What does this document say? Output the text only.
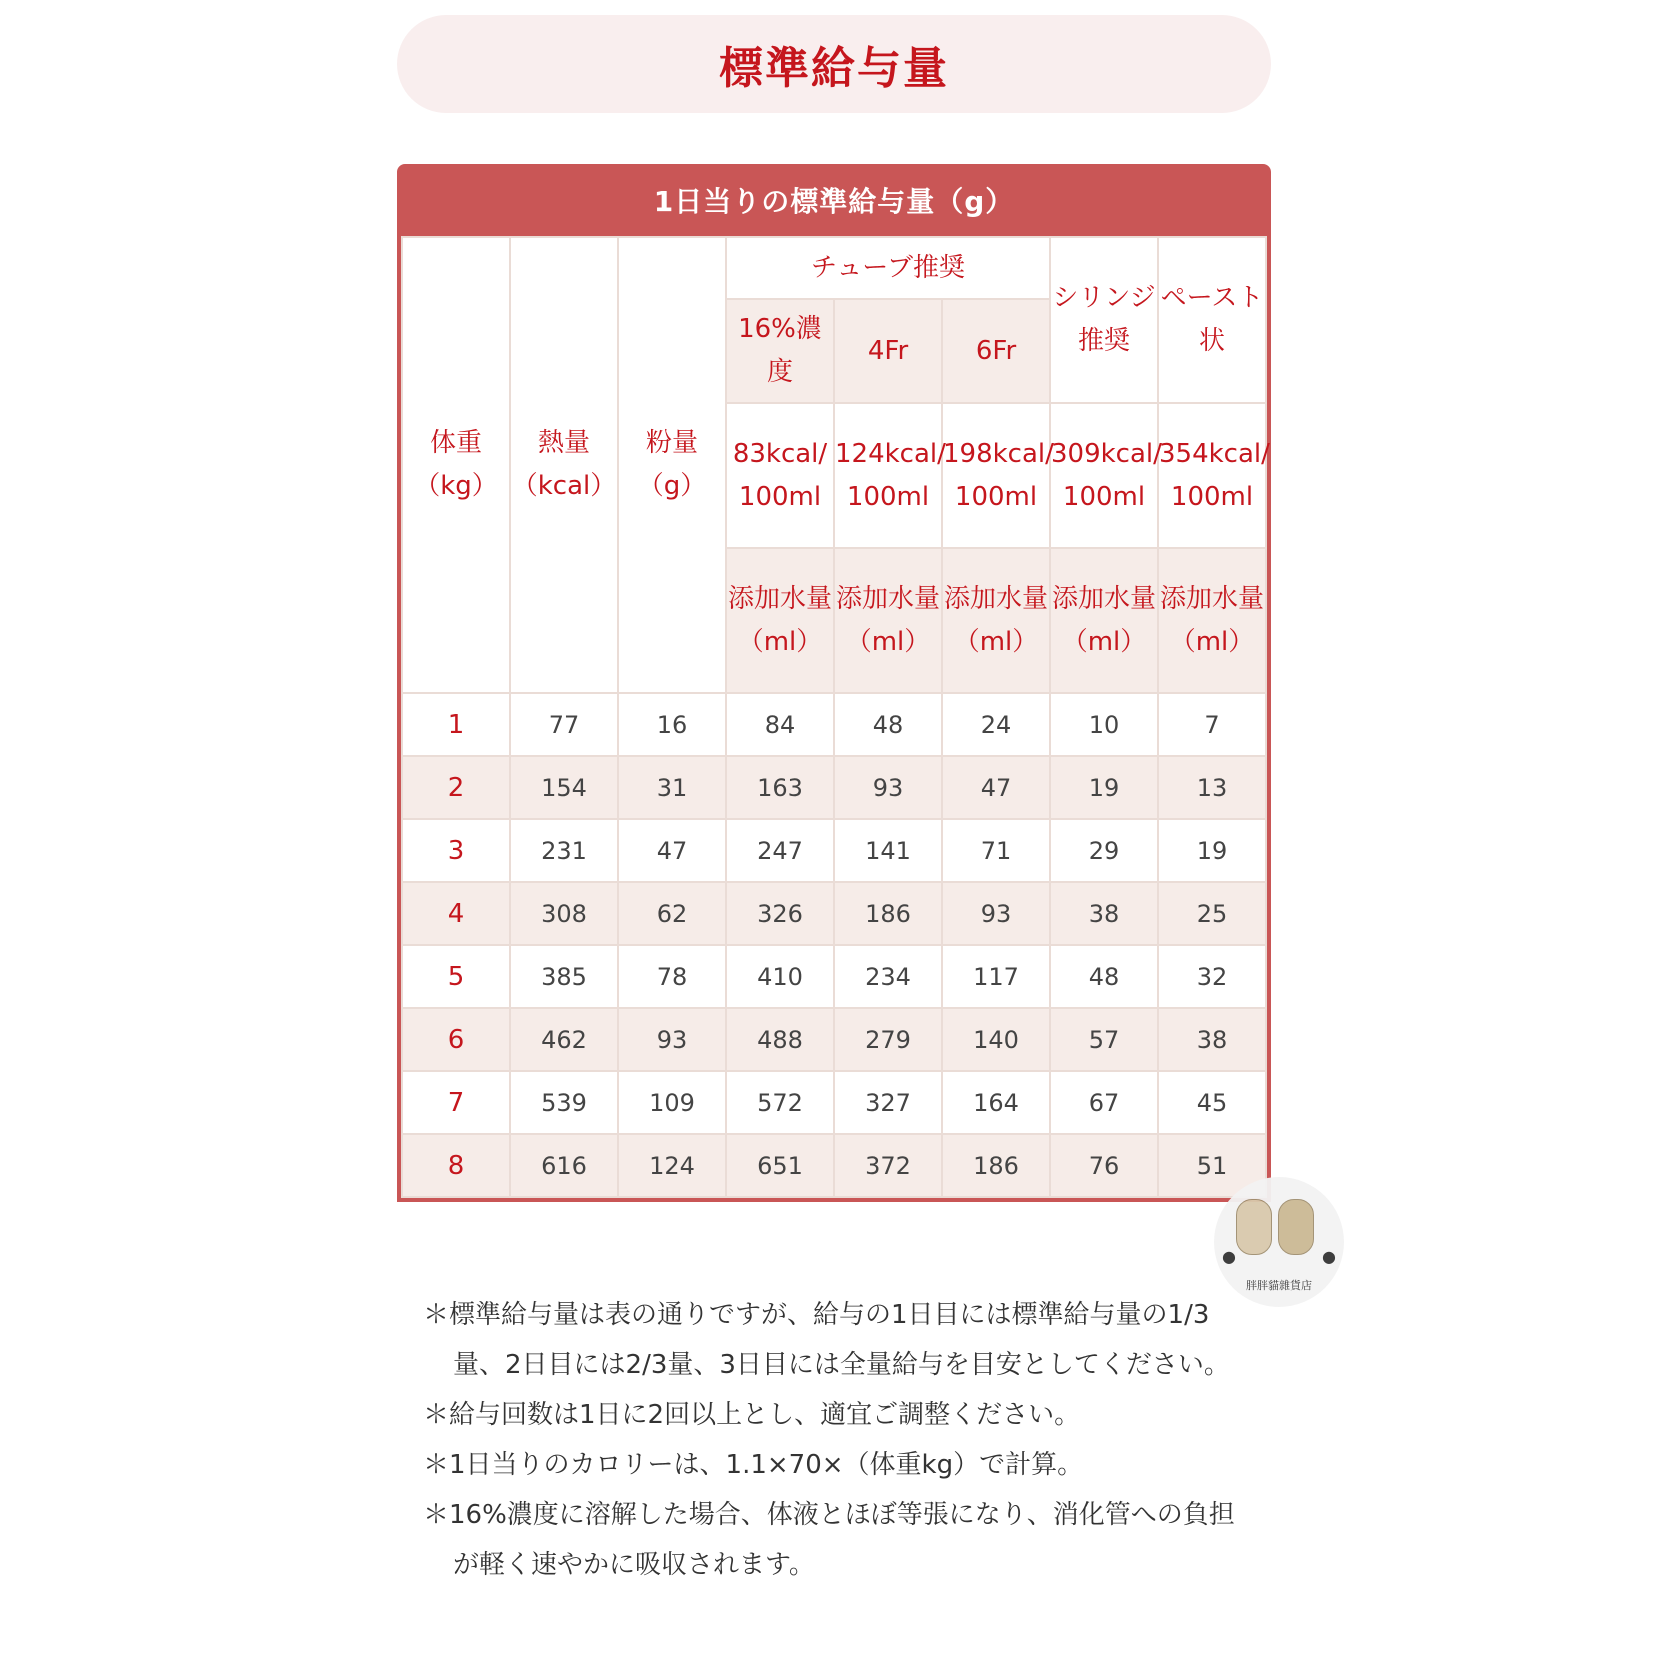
標準給与量
1日当りの標準給与量（g）
体重（kg）	熱量（kcal）	粉量（g）	チューブ推奨			シリンジ推奨	ペースト状
			16%濃度	4Fr	6Fr		
			83kcal/ 100ml	124kcal/ 100ml	198kcal/ 100ml	309kcal/ 100ml	354kcal/ 100ml
			添加水量（ml）	添加水量（ml）	添加水量（ml）	添加水量（ml）	添加水量（ml）
1	77	16	84	48	24	10	7
2	154	31	163	93	47	19	13
3	231	47	247	141	71	29	19
4	308	62	326	186	93	38	25
5	385	78	410	234	117	48	32
6	462	93	488	279	140	57	38
7	539	109	572	327	164	67	45
8	616	124	651	372	186	76	51
●	●
胖胖貓雜貨店

＊標準給与量は表の通りですが、給与の1日目には標準給与量の1/3量、2日目には2/3量、3日目には全量給与を目安としてください。

＊給与回数は1日に2回以上とし、適宜ご調整ください。

＊1日当りのカロリーは、1.1×70×（体重kg）で計算。

＊16%濃度に溶解した場合、体液とほぼ等張になり、消化管への負担が軽く速やかに吸収されます。
